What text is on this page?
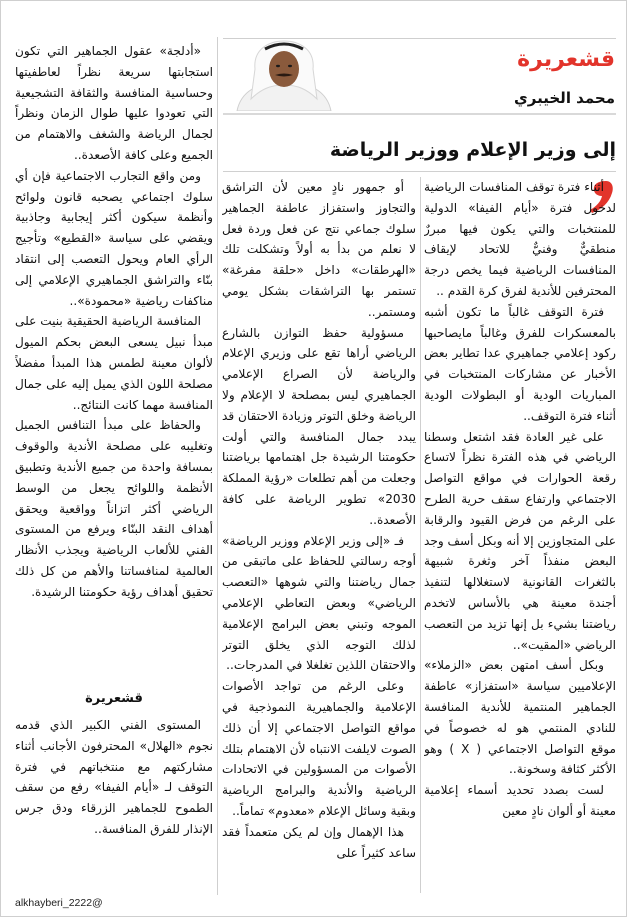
قشعريرة
محمد الخيبري
إلى وزير الإعلام ووزير الرياضة

أثناء فترة توقف المنافسات الرياضية لدخول فترة «أيام الفيفا» الدولية للمنتخبات والتي يكون فيها مبررٌ منطقيٌّ وفنيٌّ للاتحاد لإيقاف المنافسات الرياضية فيما يخص درجة المحترفين للأندية لفرق كرة القدم ..

فترة التوقف غالباً ما تكون أشبه بالمعسكرات للفرق وغالباً مايصاحبها ركود إعلامي جماهيري عدا تطاير بعض الأخبار عن مشاركات المنتخبات في المباريات الودية أو البطولات الودية أثناء فترة التوقف..

على غير العادة فقد اشتعل وسطنا الرياضي في هذه الفترة نظراً لاتساع رقعة الحوارات في مواقع التواصل الاجتماعي وارتفاع سقف حرية الطرح على الرغم من فرض القيود والرقابة على المتجاوزين إلا أنه وبكل أسف وجد البعض منفذاً آخر وثغرة شبيهة بالثغرات القانونية لاستغلالها لتنفيذ أجندة معينة هي بالأساس لاتخدم رياضتنا بشيء بل إنها تزيد من التعصب الرياضي «المقيت»..

وبكل أسف امتهن بعض «الزملاء» الإعلاميين سياسة «استفزاز» عاطفة الجماهير المنتمية للأندية المنافسة للنادي المنتمي هو له خصوصاً في موقع التواصل الاجتماعي ( X ) وهو الأكثر كثافة وسخونة..

لست بصدد تحديد أسماء إعلامية معينة أو ألوان نادٍ معين

أو جمهور نادٍ معين لأن التراشق والتجاوز واستفزاز عاطفة الجماهير سلوك جماعي نتج عن فعل وردة فعل لا نعلم من بدأ به أولاً وتشكلت تلك «الهرطقات» داخل «حلقة مفرغة» تستمر بها التراشقات بشكل يومي ومستمر..

مسؤولية حفظ التوازن بالشارع الرياضي أراها تقع على وزيري الإعلام والرياضة لأن الصراع الإعلامي الجماهيري ليس بمصلحة لا الإعلام ولا الرياضة وخلق التوتر وزيادة الاحتقان قد يبدد جمال المنافسة والتي أولت حكومتنا الرشيدة جل اهتمامها برياضتنا وجعلت من أهم تطلعات «رؤية المملكة 2030» تطوير الرياضة على كافة الأصعدة..

فـ «إلى وزير الإعلام ووزير الرياضة» أوجه رسالتي للحفاظ على ماتبقى من جمال رياضتنا والتي شوهها «التعصب الرياضي» وبعض التعاطي الإعلامي الموجه وتبني بعض البرامج الإعلامية لذلك التوجه الذي يخلق التوتر والاحتقان اللذين تغلغلا في المدرجات..

وعلى الرغم من تواجد الأصوات الإعلامية والجماهيرية النموذجية في مواقع التواصل الاجتماعي إلا أن ذلك الصوت لايلفت الانتباه لأن الاهتمام بتلك الأصوات من المسؤولين في الاتحادات الرياضية والأندية والبرامج الرياضية وبقية وسائل الإعلام «معدوم» تماماً..

هذا الإهمال وإن لم يكن متعمداً فقد ساعد كثيراً على

«أدلجة» عقول الجماهير التي تكون استجابتها سريعة نظراً لعاطفيتها وحساسية المنافسة والثقافة التشجيعية التي تعودوا عليها طوال الزمان ونظراً لجمال الرياضة والشغف والاهتمام من الجميع وعلى كافة الأصعدة..

ومن واقع التجارب الاجتماعية فإن أي سلوك اجتماعي يصحبه قانون ولوائح وأنظمة سيكون أكثر إيجابية وجاذبية ويقضي على سياسة «القطيع» وتأجيج الرأي العام ويحول التعصب إلى انتقاد بنّاء والتراشق الجماهيري الإعلامي إلى مناكفات رياضية «محمودة»..

المنافسة الرياضية الحقيقية بنيت على مبدأ نبيل يسعى البعض بحكم الميول لألوان معينة لطمس هذا المبدأ مفضلاً مصلحة اللون الذي يميل إليه على جمال المنافسة مهما كانت النتائج..

والحفاظ على مبدأ التنافس الجميل وتغليبه على مصلحة الأندية والوقوف بمسافة واحدة من جميع الأندية وتطبيق الأنظمة واللوائح يجعل من الوسط الرياضي أكثر اتزاناً وواقعية ويحقق أهداف النقد البنّاء ويرفع من المستوى الفني للألعاب الرياضية ويجذب الأنظار العالمية لمنافساتنا والأهم من كل ذلك تحقيق أهداف رؤية حكومتنا الرشيدة.

قشعريرة

المستوى الفني الكبير الذي قدمه نجوم «الهلال» المحترفون الأجانب أثناء مشاركتهم مع منتخباتهم في فترة التوقف لـ «أيام الفيفا» رفع من سقف الطموح للجماهير الزرقاء ودق جرس الإنذار للفرق المنافسة..

alkhayberi_2222@
